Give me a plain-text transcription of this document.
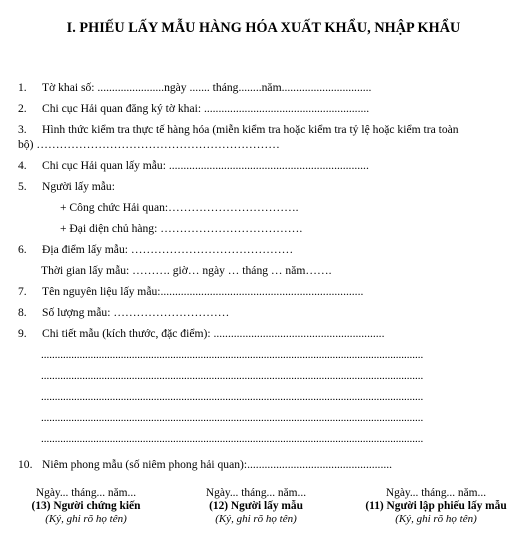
I. PHIẾU LẤY MẪU HÀNG HÓA XUẤT KHẨU, NHẬP KHẨU
1. Tờ khai số: .......................ngày ....... tháng........năm...............................
2. Chi cục Hải quan đăng ký tờ khai: .........................................................
3. Hình thức kiểm tra thực tế hàng hóa (miễn kiểm tra hoặc kiểm tra tỷ lệ hoặc kiểm tra toàn
bộ) ………………………………………………………
4. Chi cục Hải quan lấy mẫu: .....................................................................
5. Người lấy mẫu:
+ Công chức Hải quan:…………………………….
+ Đại diện chủ hàng: ……………………………….
6. Địa điểm lấy mẫu: ……………………………………
Thời gian lấy mẫu: ………. giờ… ngày … tháng … năm…….
7. Tên nguyên liệu lấy mẫu:......................................................................
8. Số lượng mẫu: …………………………
9. Chi tiết mẫu (kích thước, đặc điểm): ...........................................................
...........................................................................................................................................
...........................................................................................................................................
...........................................................................................................................................
...........................................................................................................................................
...........................................................................................................................................
10. Niêm phong mẫu (số niêm phong hải quan):..................................................
Ngày... tháng... năm...
(13) Người chứng kiến
(Ký, ghi rõ họ tên)
Ngày... tháng... năm...
(12) Người lấy mẫu
(Ký, ghi rõ họ tên)
Ngày... tháng... năm...
(11) Người lập phiếu lấy mẫu
(Ký, ghi rõ họ tên)
